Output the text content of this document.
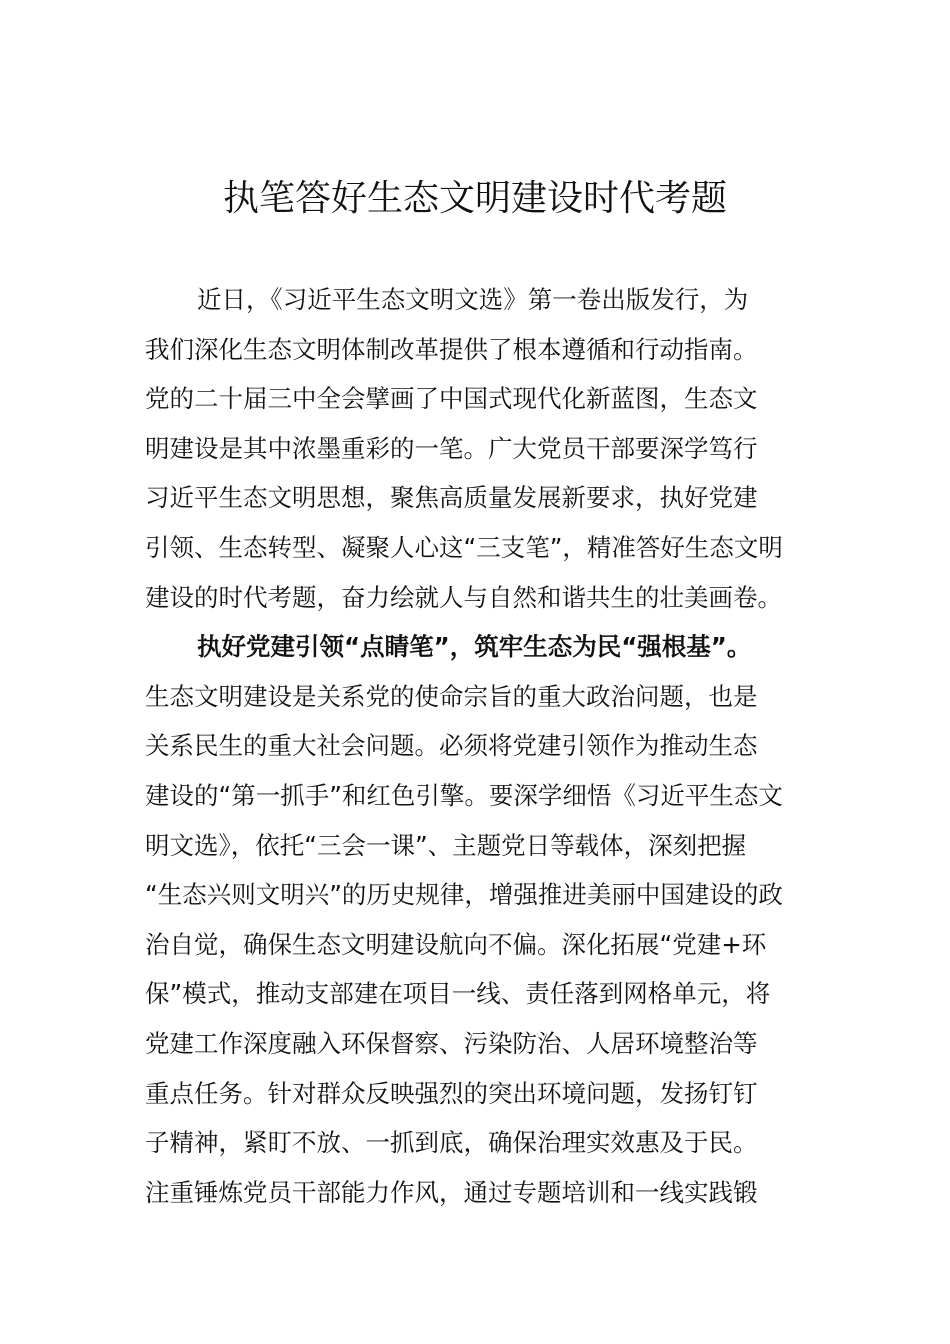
执笔答好生态文明建设时代考题
近日，《习近平生态文明文选》第一卷出版发行，为
我们深化生态文明体制改革提供了根本遵循和行动指南。
党的二十届三中全会擘画了中国式现代化新蓝图，生态文
明建设是其中浓墨重彩的一笔。广大党员干部要深学笃行
习近平生态文明思想，聚焦高质量发展新要求，执好党建
引领、生态转型、凝聚人心这“三支笔”，精准答好生态文明
建设的时代考题，奋力绘就人与自然和谐共生的壮美画卷。
执好党建引领“点睛笔”，筑牢生态为民“强根基”。
生态文明建设是关系党的使命宗旨的重大政治问题，也是
关系民生的重大社会问题。必须将党建引领作为推动生态
建设的“第一抓手”和红色引擎。要深学细悟《习近平生态文
明文选》，依托“三会一课”、主题党日等载体，深刻把握
“生态兴则文明兴”的历史规律，增强推进美丽中国建设的政
治自觉，确保生态文明建设航向不偏。深化拓展“党建+环
保”模式，推动支部建在项目一线、责任落到网格单元，将
党建工作深度融入环保督察、污染防治、人居环境整治等
重点任务。针对群众反映强烈的突出环境问题，发扬钉钉
子精神，紧盯不放、一抓到底，确保治理实效惠及于民。
注重锤炼党员干部能力作风，通过专题培训和一线实践锻
